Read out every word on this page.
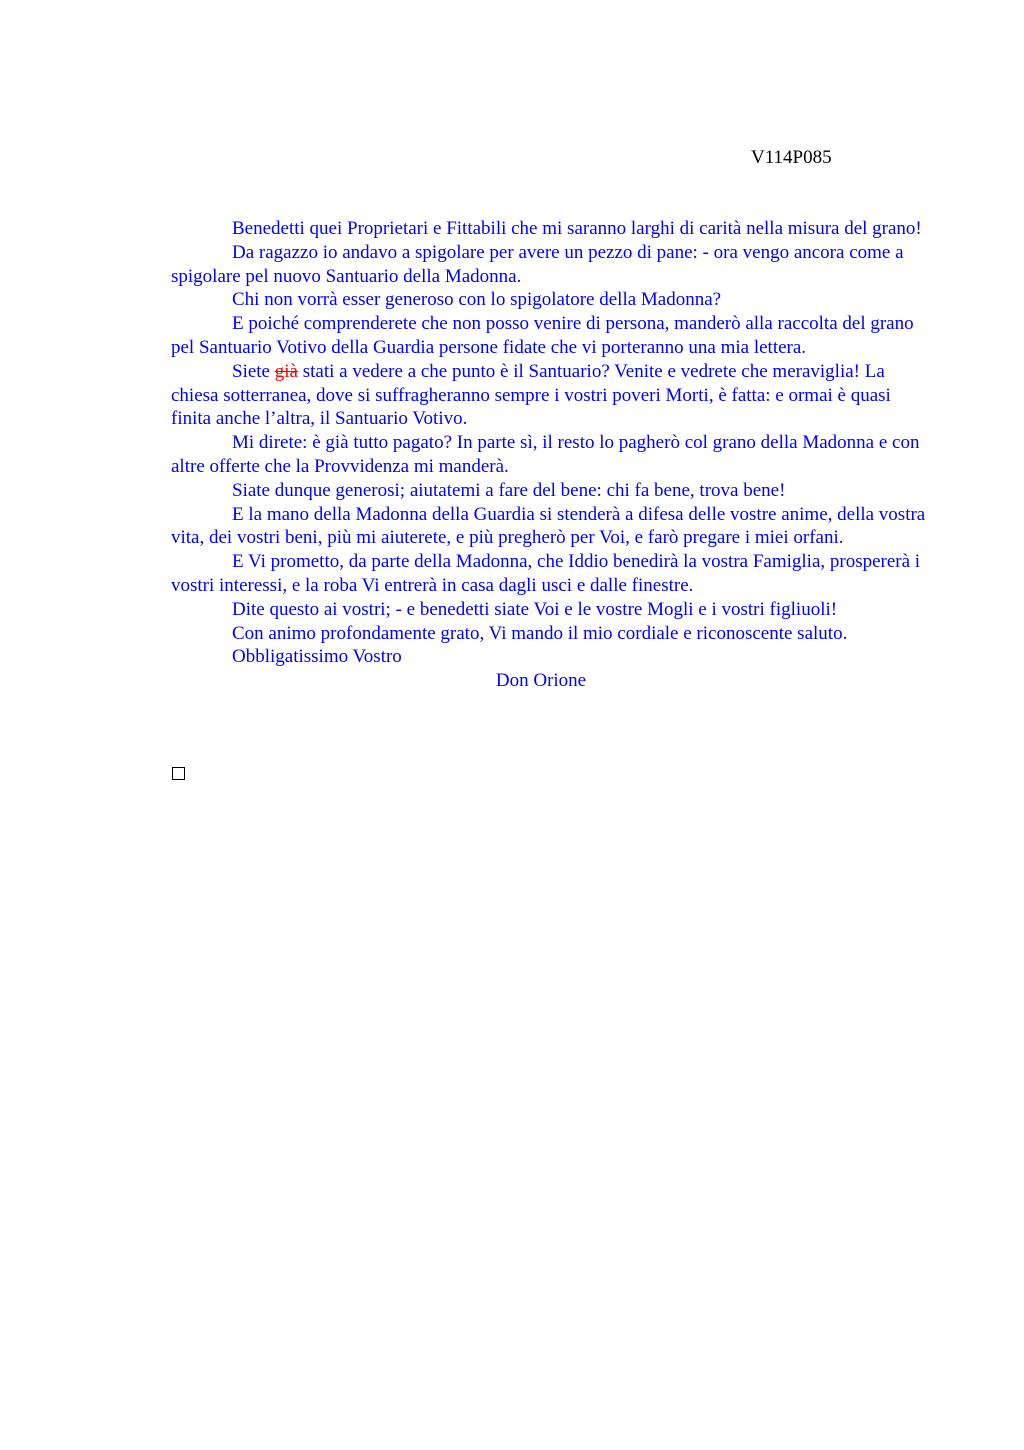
V114P085

Benedetti quei Proprietari e Fittabili che mi saranno larghi di carità nella misura del grano!

Da ragazzo io andavo a spigolare per avere un pezzo di pane: - ora vengo ancora come a spigolare pel nuovo Santuario della Madonna.

Chi non vorrà esser generoso con lo spigolatore della Madonna?

E poiché comprenderete che non posso venire di persona, manderò alla raccolta del grano pel Santuario Votivo della Guardia persone fidate che vi porteranno una mia lettera.

Siete già stati a vedere a che punto è il Santuario? Venite e vedrete che meraviglia! La chiesa sotterranea, dove si suffragheranno sempre i vostri poveri Morti, è fatta: e ormai è quasi finita anche l’altra, il Santuario Votivo.

Mi direte: è già tutto pagato? In parte sì, il resto lo pagherò col grano della Madonna e con altre offerte che la Provvidenza mi manderà.

Siate dunque generosi; aiutatemi a fare del bene: chi fa bene, trova bene!

E la mano della Madonna della Guardia si stenderà a difesa delle vostre anime, della vostra vita, dei vostri beni, più mi aiuterete, e più pregherò per Voi, e farò pregare i miei orfani.

E Vi prometto, da parte della Madonna, che Iddio benedirà la vostra Famiglia, prospererà i vostri interessi, e la roba Vi entrerà in casa dagli usci e dalle finestre.

Dite questo ai vostri; - e benedetti siate Voi e le vostre Mogli e i vostri figliuoli!

Con animo profondamente grato, Vi mando il mio cordiale e riconoscente saluto.

Obbligatissimo Vostro

Don Orione
